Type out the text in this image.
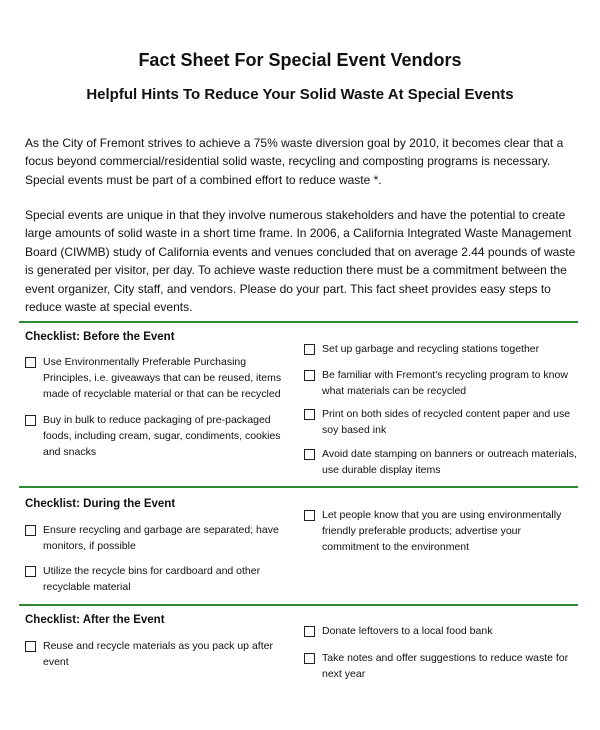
Fact Sheet For Special Event Vendors
Helpful Hints To Reduce Your Solid Waste At Special Events

As the City of Fremont strives to achieve a 75% waste diversion goal by 2010, it becomes clear that a focus beyond commercial/residential solid waste, recycling and composting programs is necessary. Special events must be part of a combined effort to reduce waste *.

Special events are unique in that they involve numerous stakeholders and have the potential to create large amounts of solid waste in a short time frame. In 2006, a California Integrated Waste Management Board (CIWMB) study of California events and venues concluded that on average 2.44 pounds of waste is generated per visitor, per day. To achieve waste reduction there must be a commitment between the event organizer, City staff, and vendors. Please do your part. This fact sheet provides easy steps to reduce waste at special events.

Checklist: Before the Event
Use Environmentally Preferable Purchasing Principles, i.e. giveaways that can be reused, items made of recyclable material or that can be recycled
Buy in bulk to reduce packaging of pre-packaged foods, including cream, sugar, condiments, cookies and snacks
Set up garbage and recycling stations together
Be familiar with Fremont's recycling program to know what materials can be recycled
Print on both sides of recycled content paper and use soy based ink
Avoid date stamping on banners or outreach materials, use durable display items
Checklist: During the Event
Ensure recycling and garbage are separated; have monitors, if possible
Utilize the recycle bins for cardboard and other recyclable material
Let people know that you are using environmentally friendly preferable products; advertise your commitment to the environment
Checklist: After the Event
Reuse and recycle materials as you pack up after event
Donate leftovers to a local food bank
Take notes and offer suggestions to reduce waste for next year
